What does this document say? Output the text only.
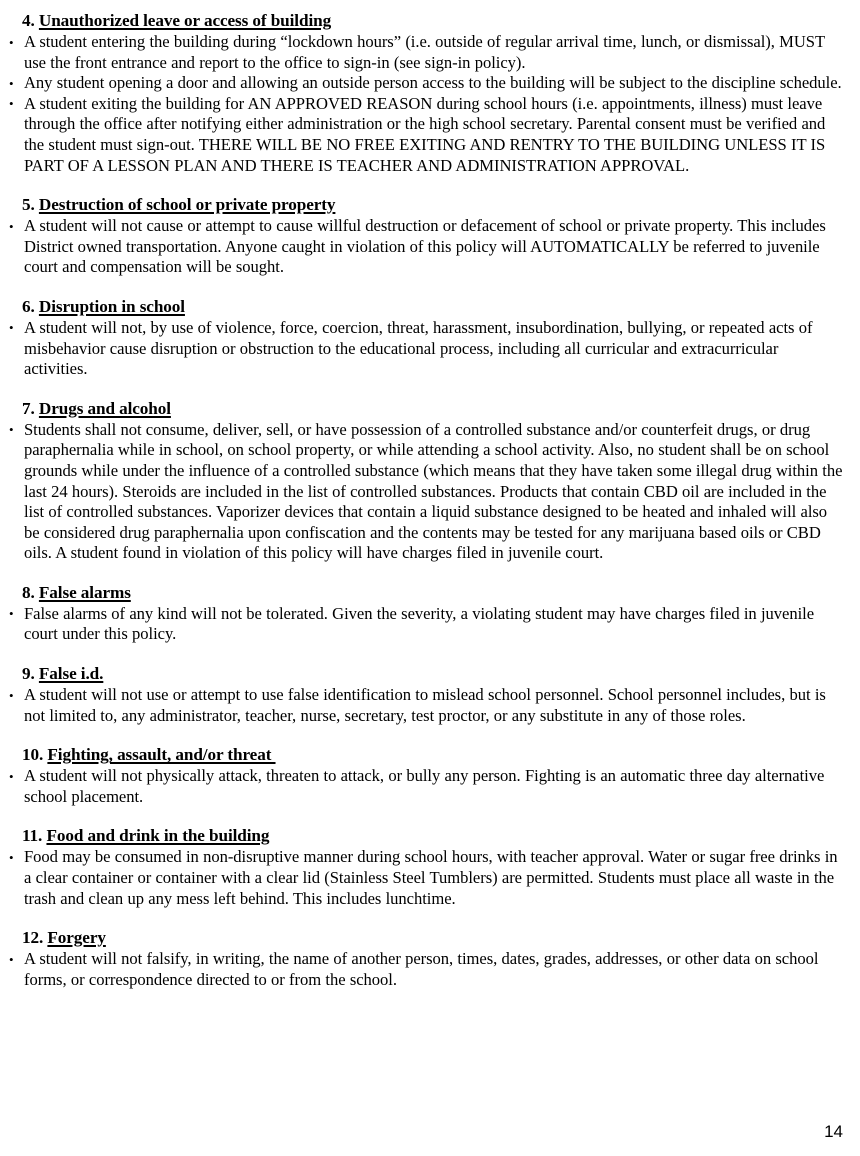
4. Unauthorized leave or access of building
• A student entering the building during “lockdown hours” (i.e. outside of regular arrival time, lunch, or dismissal), MUST use the front entrance and report to the office to sign-in (see sign-in policy).
• Any student opening a door and allowing an outside person access to the building will be subject to the discipline schedule.
• A student exiting the building for AN APPROVED REASON during school hours (i.e. appointments, illness) must leave through the office after notifying either administration or the high school secretary. Parental consent must be verified and the student must sign-out. THERE WILL BE NO FREE EXITING AND RENTRY TO THE BUILDING UNLESS IT IS PART OF A LESSON PLAN AND THERE IS TEACHER AND ADMINISTRATION APPROVAL.
5. Destruction of school or private property
• A student will not cause or attempt to cause willful destruction or defacement of school or private property. This includes District owned transportation. Anyone caught in violation of this policy will AUTOMATICALLY be referred to juvenile court and compensation will be sought.
6. Disruption in school
• A student will not, by use of violence, force, coercion, threat, harassment, insubordination, bullying, or repeated acts of misbehavior cause disruption or obstruction to the educational process, including all curricular and extracurricular activities.
7. Drugs and alcohol
• Students shall not consume, deliver, sell, or have possession of a controlled substance and/or counterfeit drugs, or drug paraphernalia while in school, on school property, or while attending a school activity. Also, no student shall be on school grounds while under the influence of a controlled substance (which means that they have taken some illegal drug within the last 24 hours). Steroids are included in the list of controlled substances. Products that contain CBD oil are included in the list of controlled substances. Vaporizer devices that contain a liquid substance designed to be heated and inhaled will also be considered drug paraphernalia upon confiscation and the contents may be tested for any marijuana based oils or CBD oils. A student found in violation of this policy will have charges filed in juvenile court.
8. False alarms
• False alarms of any kind will not be tolerated. Given the severity, a violating student may have charges filed in juvenile court under this policy.
9. False i.d.
• A student will not use or attempt to use false identification to mislead school personnel. School personnel includes, but is not limited to, any administrator, teacher, nurse, secretary, test proctor, or any substitute in any of those roles.
10. Fighting, assault, and/or threat
• A student will not physically attack, threaten to attack, or bully any person. Fighting is an automatic three day alternative school placement.
11. Food and drink in the building
• Food may be consumed in non-disruptive manner during school hours, with teacher approval. Water or sugar free drinks in a clear container or container with a clear lid (Stainless Steel Tumblers) are permitted. Students must place all waste in the trash and clean up any mess left behind. This includes lunchtime.
12. Forgery
• A student will not falsify, in writing, the name of another person, times, dates, grades, addresses, or other data on school forms, or correspondence directed to or from the school.
14
